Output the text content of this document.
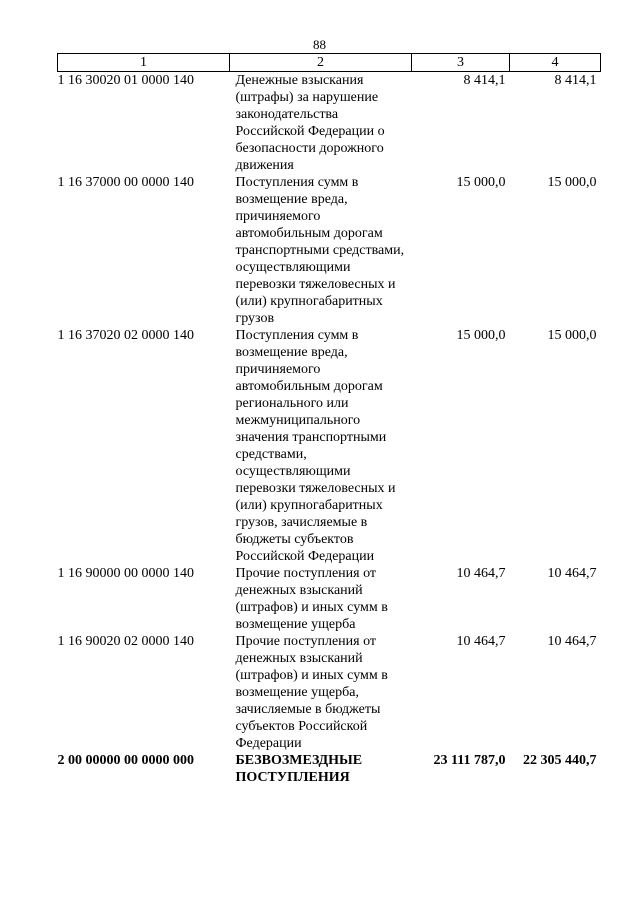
88
1	2	3	4
1 16 30020 01 0000 140	Денежные взыскания (штрафы) за нарушение законодательства Российской Федерации о безопасности дорожного движения	8 414,1	8 414,1
1 16 37000 00 0000 140	Поступления сумм в возмещение вреда, причиняемого автомобильным дорогам транспортными средствами, осуществляющими перевозки тяжеловесных и (или) крупногабаритных грузов	15 000,0	15 000,0
1 16 37020 02 0000 140	Поступления сумм в возмещение вреда, причиняемого автомобильным дорогам регионального или межмуниципального значения транспортными средствами, осуществляющими перевозки тяжеловесных и (или) крупногабаритных грузов, зачисляемые в бюджеты субъектов Российской Федерации	15 000,0	15 000,0
1 16 90000 00 0000 140	Прочие поступления от денежных взысканий (штрафов) и иных сумм в возмещение ущерба	10 464,7	10 464,7
1 16 90020 02 0000 140	Прочие поступления от денежных взысканий (штрафов) и иных сумм в возмещение ущерба, зачисляемые в бюджеты субъектов Российской Федерации	10 464,7	10 464,7
2 00 00000 00 0000 000	БЕЗВОЗМЕЗДНЫЕ ПОСТУПЛЕНИЯ	23 111 787,0	22 305 440,7
